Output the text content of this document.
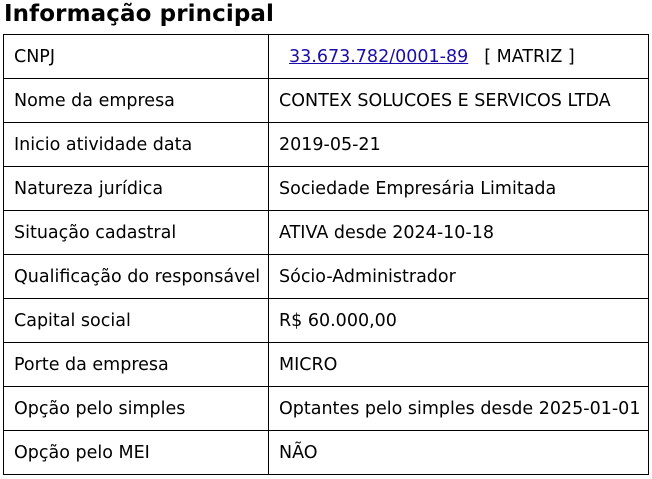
Informação principal
CNPJ	33.673.782/0001-89 [ MATRIZ ]
Nome da empresa	CONTEX SOLUCOES E SERVICOS LTDA
Inicio atividade data	2019-05-21
Natureza jurídica	Sociedade Empresária Limitada
Situação cadastral	ATIVA desde 2024-10-18
Qualificação do responsável	Sócio-Administrador
Capital social	R$ 60.000,00
Porte da empresa	MICRO
Opção pelo simples	Optantes pelo simples desde 2025-01-01
Opção pelo MEI	NÃO
